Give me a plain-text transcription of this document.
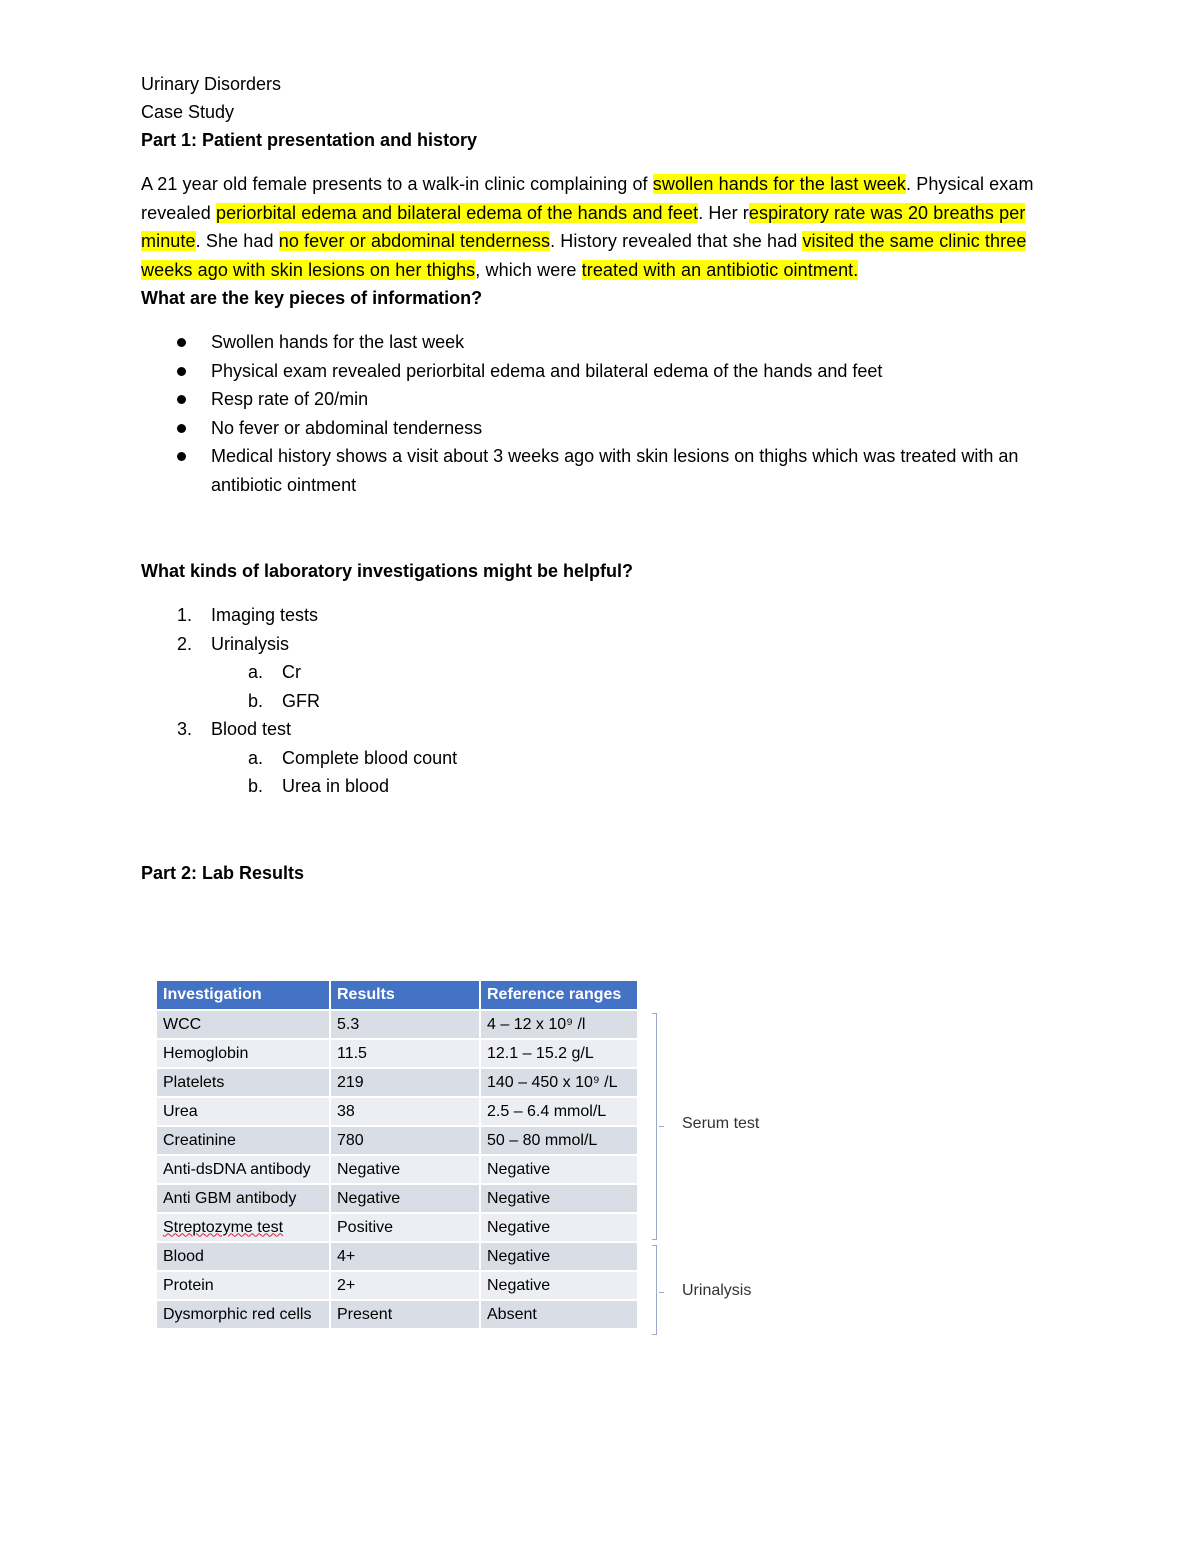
Urinary Disorders

Case Study

Part 1: Patient presentation and history

A 21 year old female presents to a walk-in clinic complaining of swollen hands for the last week. Physical exam revealed periorbital edema and bilateral edema of the hands and feet. Her respiratory rate was 20 breaths per minute. She had no fever or abdominal tenderness. History revealed that she had visited the same clinic three weeks ago with skin lesions on her thighs, which were treated with an antibiotic ointment.

What are the key pieces of information?
Swollen hands for the last week
Physical exam revealed periorbital edema and bilateral edema of the hands and feet
Resp rate of 20/min
No fever or abdominal tenderness
Medical history shows a visit about 3 weeks ago with skin lesions on thighs which was treated with an antibiotic ointment
What kinds of laboratory investigations might be helpful?
1. Imaging tests
2. Urinalysis
a. Cr
b. GFR
3. Blood test
a. Complete blood count
b. Urea in blood
Part 2: Lab Results
Investigation	Results	Reference ranges
WCC	5.3	4 – 12 x 10⁹ /l
Hemoglobin	11.5	12.1 – 15.2 g/L
Platelets	219	140 – 450 x 10⁹ /L
Urea	38	2.5 – 6.4 mmol/L
Creatinine	780	50 – 80 mmol/L
Anti-dsDNA antibody	Negative	Negative
Anti GBM antibody	Negative	Negative
Streptozyme test	Positive	Negative
Blood	4+	Negative
Protein	2+	Negative
Dysmorphic red cells	Present	Absent
Serum test
Urinalysis
